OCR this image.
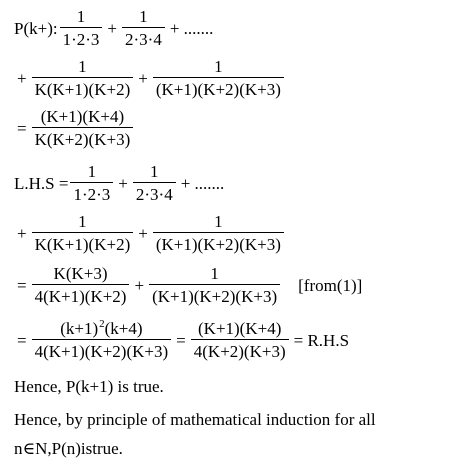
P(k+): $\frac{1}{1\cdot 2\cdot 3} + \frac{1}{2\cdot 3\cdot 4}$ + .......
+ $\frac{1}{K(K+1)(K+2)} + \frac{1}{(K+1)(K+2)(K+3)}$
= $\frac{(K+1)(K+4)}{K(K+2)(K+3)}$
$L.H.S = \frac{1}{1\cdot 2\cdot 3} + \frac{1}{2\cdot 3\cdot 4}$ + .......
+ $\frac{1}{K(K+1)(K+2)} + \frac{1}{(K+1)(K+2)(K+3)}$
= $\frac{K(K+3)}{4(K+1)(K+2)} + \frac{1}{(K+1)(K+2)(K+3)}$ [from(1)]
= $\frac{(k+1)^2(k+4)}{4(K+1)(K+2)(K+3)} = \frac{(K+1)(K+4)}{4(K+2)(K+3)} = R.H.S$
Hence, P(k+1) is true.
Hence, by principle of mathematical induction for all
n∈N,P(n)istrue.
